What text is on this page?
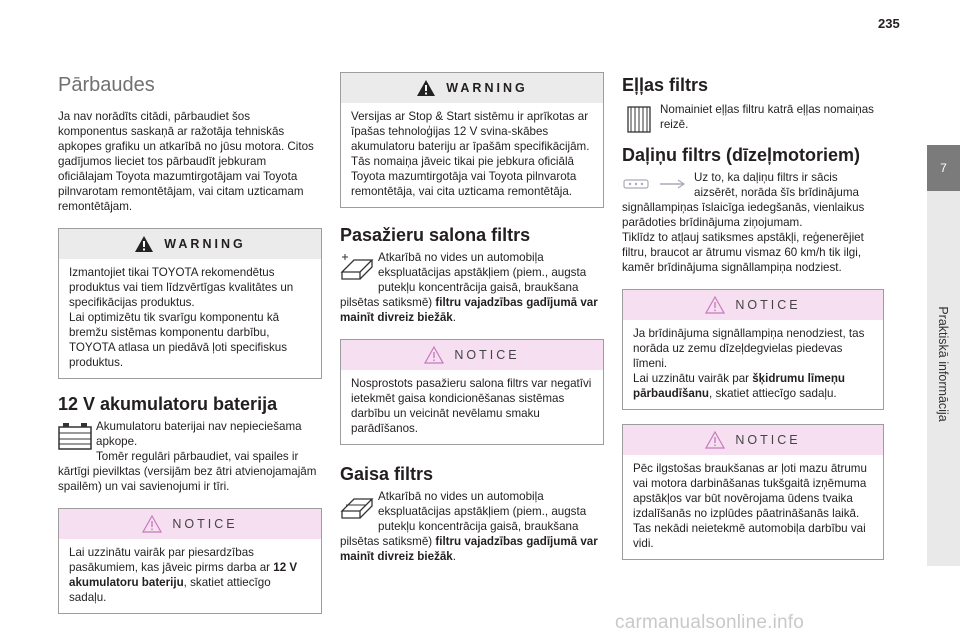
235
Pārbaudes

Ja nav norādīts citādi, pārbaudiet šos komponentus saskaņā ar ražotāja tehniskās apkopes grafiku un atkarībā no jūsu motora. Citos gadījumos lieciet tos pārbaudīt jebkuram oficiālajam Toyota mazumtirgotājam vai Toyota pilnvarotam remontētājam, vai citam uzticamam remontētājam.

WARNING
Izmantojiet tikai TOYOTA rekomendētus produktus vai tiem līdzvērtīgas kvalitātes un specifikācijas produktus.
Lai optimizētu tik svarīgu komponentu kā bremžu sistēmas komponentu darbību, TOYOTA atlasa un piedāvā ļoti specifiskus produktus.
12 V akumulatoru baterija
Akumulatoru baterijai nav nepieciešama apkope.
Tomēr regulāri pārbaudiet, vai spailes ir kārtīgi pievilktas (versijām bez ātri atvienojamajām spailēm) un vai savienojumi ir tīri.
NOTICE
Lai uzzinātu vairāk par piesardzības pasākumiem, kas jāveic pirms darba ar 12 V akumulatoru bateriju, skatiet attiecīgo sadaļu.
WARNING
Versijas ar Stop & Start sistēmu ir aprīkotas ar īpašas tehnoloģijas 12 V svina-skābes akumulatoru bateriju ar īpašām specifikācijām.
Tās nomaiņa jāveic tikai pie jebkura oficiālā Toyota mazumtirgotāja vai Toyota pilnvarota remontētāja, vai cita uzticama remontētāja.
Pasažieru salona filtrs
Atkarībā no vides un automobiļa ekspluatācijas apstākļiem (piem., augsta putekļu koncentrācija gaisā, braukšana pilsētas satiksmē) filtru vajadzības gadījumā var mainīt divreiz biežāk.
NOTICE
Nosprostots pasažieru salona filtrs var negatīvi ietekmēt gaisa kondicionēšanas sistēmas darbību un veicināt nevēlamu smaku parādīšanos.
Gaisa filtrs
Atkarībā no vides un automobiļa ekspluatācijas apstākļiem (piem., augsta putekļu koncentrācija gaisā, braukšana pilsētas satiksmē) filtru vajadzības gadījumā var mainīt divreiz biežāk.
Eļļas filtrs
Nomainiet eļļas filtru katrā eļļas nomaiņas reizē.
Daļiņu filtrs (dīzeļmotoriem)
Uz to, ka daļiņu filtrs ir sācis aizsērēt, norāda šīs brīdinājuma signāllampiņas īslaicīga iedegšanās, vienlaikus parādoties brīdinājuma ziņojumam.
Tiklīdz to atļauj satiksmes apstākļi, reģenerējiet filtru, braucot ar ātrumu vismaz 60 km/h tik ilgi, kamēr brīdinājuma signāllampiņa nodziest.
NOTICE
Ja brīdinājuma signāllampiņa nenodziest, tas norāda uz zemu dīzeļdegvielas piedevas līmeni.
Lai uzzinātu vairāk par šķidrumu līmeņu pārbaudīšanu, skatiet attiecīgo sadaļu.
NOTICE
Pēc ilgstošas braukšanas ar ļoti mazu ātrumu vai motora darbināšanas tukšgaitā izņēmuma apstākļos var būt novērojama ūdens tvaika izdalīšanās no izplūdes pāatrināšanās laikā. Tas nekādi neietekmē automobiļa darbību vai vidi.
7
Praktiskā informācija
carmanualsonline.info
